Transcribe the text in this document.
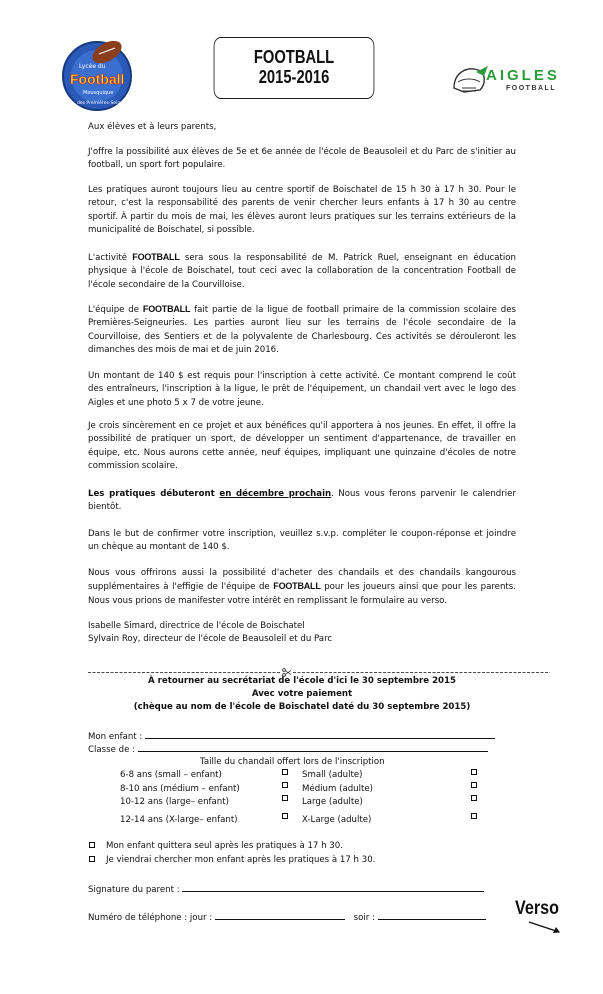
Lycée du
Football
Mousquique
des Premières-Seigneuries
FOOTBALL
2015-2016	AIGLES
FOOTBALL

Aux élèves et à leurs parents,

J'offre la possibilité aux élèves de 5e et 6e année de l'école de Beausoleil et du Parc de s'initier au football, un sport fort populaire.

Les pratiques auront toujours lieu au centre sportif de Boischatel de 15 h 30 à 17 h 30. Pour le retour, c'est la responsabilité des parents de venir chercher leurs enfants à 17 h 30 au centre sportif. À partir du mois de mai, les élèves auront leurs pratiques sur les terrains extérieurs de la municipalité de Boischatel, si possible.

L'activité FOOTBALL sera sous la responsabilité de M. Patrick Ruel, enseignant en éducation physique à l'école de Boischatel, tout ceci avec la collaboration de la concentration Football de l'école secondaire de la Courvilloise.

L'équipe de FOOTBALL fait partie de la ligue de football primaire de la commission scolaire des Premières-Seigneuries. Les parties auront lieu sur les terrains de l'école secondaire de la Courvilloise, des Sentiers et de la polyvalente de Charlesbourg. Ces activités se dérouleront les dimanches des mois de mai et de juin 2016.

Un montant de 140 $ est requis pour l'inscription à cette activité. Ce montant comprend le coût des entraîneurs, l'inscription à la ligue, le prêt de l'équipement, un chandail vert avec le logo des Aigles et une photo 5 x 7 de votre jeune.

Je crois sincèrement en ce projet et aux bénéfices qu'il apportera à nos jeunes. En effet, il offre la possibilité de pratiquer un sport, de développer un sentiment d'appartenance, de travailler en équipe, etc. Nous aurons cette année, neuf équipes, impliquant une quinzaine d'écoles de notre commission scolaire.

Les pratiques débuteront en décembre prochain. Nous vous ferons parvenir le calendrier bientôt.

Dans le but de confirmer votre inscription, veuillez s.v.p. compléter le coupon-réponse et joindre un chèque au montant de 140 $.

Nous vous offrirons aussi la possibilité d'acheter des chandails et des chandails kangourous supplémentaires à l'effigie de l'équipe de FOOTBALL pour les joueurs ainsi que pour les parents. Nous vous prions de manifester votre intérêt en remplissant le formulaire au verso.

Isabelle Simard, directrice de l'école de Boischatel
Sylvain Roy, directeur de l'école de Beausoleil et du Parc
À retourner au secrétariat de l'école d'ici le 30 septembre 2015
Avec votre paiement
(chèque au nom de l'école de Boischatel daté du 30 septembre 2015)
Mon enfant :
Classe de :
Taille du chandail offert lors de l'inscription
6-8 ans (small – enfant)	Small (adulte)
8-10 ans (médium – enfant)	Médium (adulte)
10-12 ans (large– enfant)	Large (adulte)
12-14 ans (X-large– enfant)	X-Large (adulte)
Mon enfant quittera seul après les pratiques à 17 h 30.
Je viendrai chercher mon enfant après les pratiques à 17 h 30.
Signature du parent :
Numéro de téléphone : jour :	soir :	Verso
